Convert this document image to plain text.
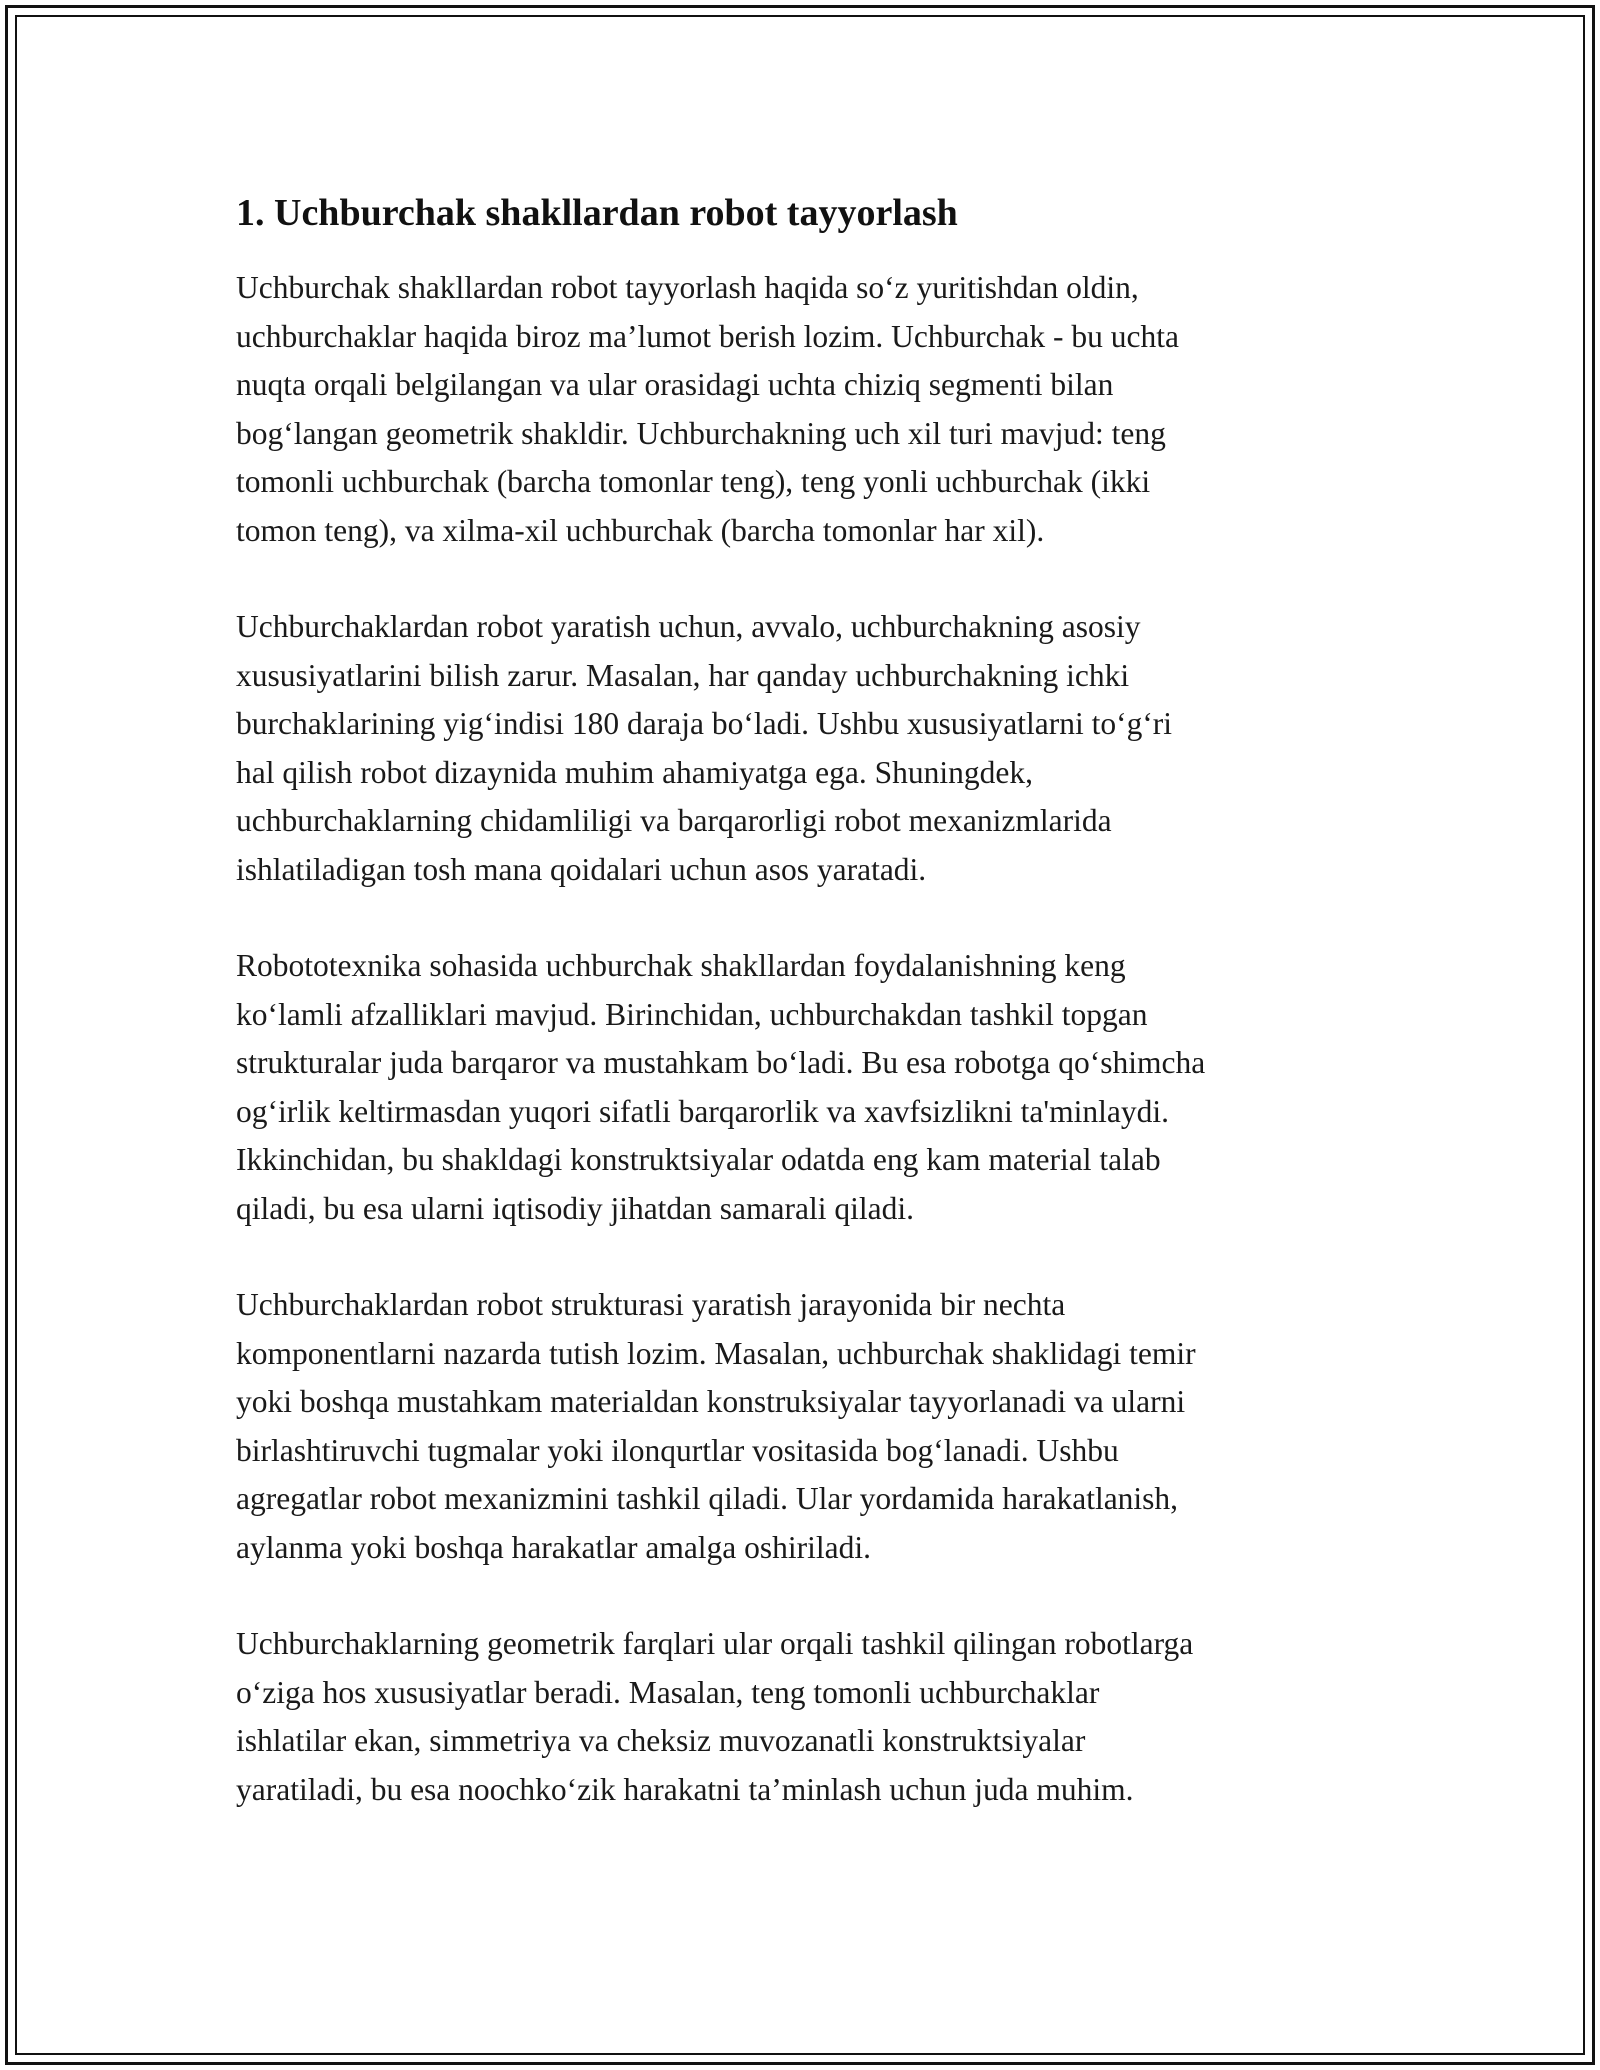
1. Uchburchak shakllardan robot tayyorlash

Uchburchak shakllardan robot tayyorlash haqida so‘z yuritishdan oldin,
uchburchaklar haqida biroz ma’lumot berish lozim. Uchburchak - bu uchta
nuqta orqali belgilangan va ular orasidagi uchta chiziq segmenti bilan
bog‘langan geometrik shakldir. Uchburchakning uch xil turi mavjud: teng
tomonli uchburchak (barcha tomonlar teng), teng yonli uchburchak (ikki
tomon teng), va xilma-xil uchburchak (barcha tomonlar har xil).

Uchburchaklardan robot yaratish uchun, avvalo, uchburchakning asosiy
xususiyatlarini bilish zarur. Masalan, har qanday uchburchakning ichki
burchaklarining yig‘indisi 180 daraja bo‘ladi. Ushbu xususiyatlarni to‘g‘ri
hal qilish robot dizaynida muhim ahamiyatga ega. Shuningdek,
uchburchaklarning chidamliligi va barqarorligi robot mexanizmlarida
ishlatiladigan tosh mana qoidalari uchun asos yaratadi.

Robototexnika sohasida uchburchak shakllardan foydalanishning keng
ko‘lamli afzalliklari mavjud. Birinchidan, uchburchakdan tashkil topgan
strukturalar juda barqaror va mustahkam bo‘ladi. Bu esa robotga qo‘shimcha
og‘irlik keltirmasdan yuqori sifatli barqarorlik va xavfsizlikni ta'minlaydi.
Ikkinchidan, bu shakldagi konstruktsiyalar odatda eng kam material talab
qiladi, bu esa ularni iqtisodiy jihatdan samarali qiladi.

Uchburchaklardan robot strukturasi yaratish jarayonida bir nechta
komponentlarni nazarda tutish lozim. Masalan, uchburchak shaklidagi temir
yoki boshqa mustahkam materialdan konstruksiyalar tayyorlanadi va ularni
birlashtiruvchi tugmalar yoki ilonqurtlar vositasida bog‘lanadi. Ushbu
agregatlar robot mexanizmini tashkil qiladi. Ular yordamida harakatlanish,
aylanma yoki boshqa harakatlar amalga oshiriladi.

Uchburchaklarning geometrik farqlari ular orqali tashkil qilingan robotlarga
o‘ziga hos xususiyatlar beradi. Masalan, teng tomonli uchburchaklar
ishlatilar ekan, simmetriya va cheksiz muvozanatli konstruktsiyalar
yaratiladi, bu esa noochko‘zik harakatni ta’minlash uchun juda muhim.
